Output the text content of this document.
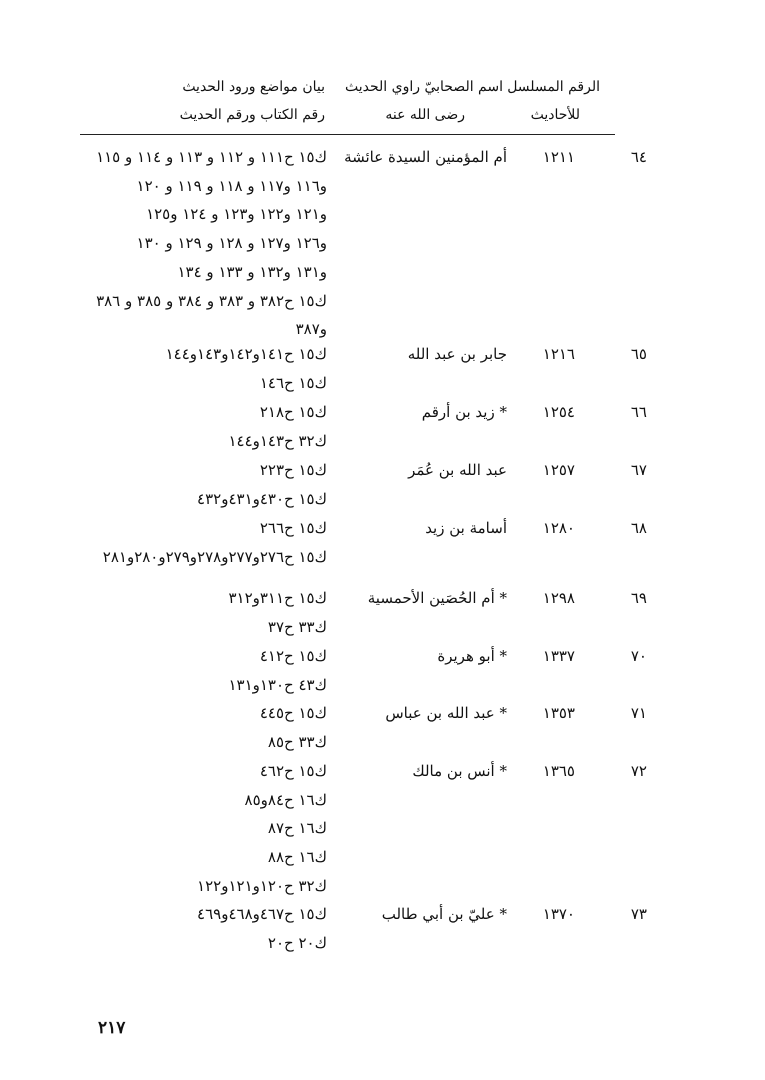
الرقم المسلسل
للأحاديث
اسم الصحابيّ راوي الحديث
رضى الله عنه
بيان مواضع ورود الحديث
رقم الكتاب ورقم الحديث
٦٤
١٢١١
أم المؤمنين السيدة عائشة
ك١٥ ح١١١ و ١١٢ و ١١٣ و ١١٤ و ١١٥
و١١٦ و١١٧ و ١١٨ و ١١٩ و ١٢٠
و١٢١ و١٢٢ و١٢٣ و ١٢٤ و١٢٥
و١٢٦ و١٢٧ و ١٢٨ و ١٢٩ و ١٣٠
و١٣١ و١٣٢ و ١٣٣ و ١٣٤
ك١٥ ح٣٨٢ و ٣٨٣ و ٣٨٤ و ٣٨٥ و ٣٨٦
و٣٨٧
٦٥
١٢١٦
جابر بن عبد الله
ك١٥ ح١٤١و١٤٢و١٤٣و١٤٤
ك١٥ ح١٤٦
٦٦
١٢٥٤
* زيد بن أرقم
ك١٥ ح٢١٨
ك٣٢ ح١٤٣و١٤٤
٦٧
١٢٥٧
عبد الله بن عُمَر
ك١٥ ح٢٢٣
ك١٥ ح٤٣٠و٤٣١و٤٣٢
٦٨
١٢٨٠
أسامة بن زيد
ك١٥ ح٢٦٦
ك١٥ ح٢٧٦و٢٧٧و٢٧٨و٢٧٩و٢٨٠و٢٨١
٦٩
١٢٩٨
* أم الحُصَين الأحمسية
ك١٥ ح٣١١و٣١٢
ك٣٣ ح٣٧
٧٠
١٣٣٧
* أبو هريرة
ك١٥ ح٤١٢
ك٤٣ ح١٣٠و١٣١
٧١
١٣٥٣
* عبد الله بن عباس
ك١٥ ح٤٤٥
ك٣٣ ح٨٥
٧٢
١٣٦٥
* أنس بن مالك
ك١٥ ح٤٦٢
ك١٦ ح٨٤و٨٥
ك١٦ ح٨٧
ك١٦ ح٨٨
ك٣٢ ح١٢٠و١٢١و١٢٢
٧٣
١٣٧٠
* عليّ بن أبي طالب
ك١٥ ح٤٦٧و٤٦٨و٤٦٩
ك٢٠ ح٢٠
٢١٧
